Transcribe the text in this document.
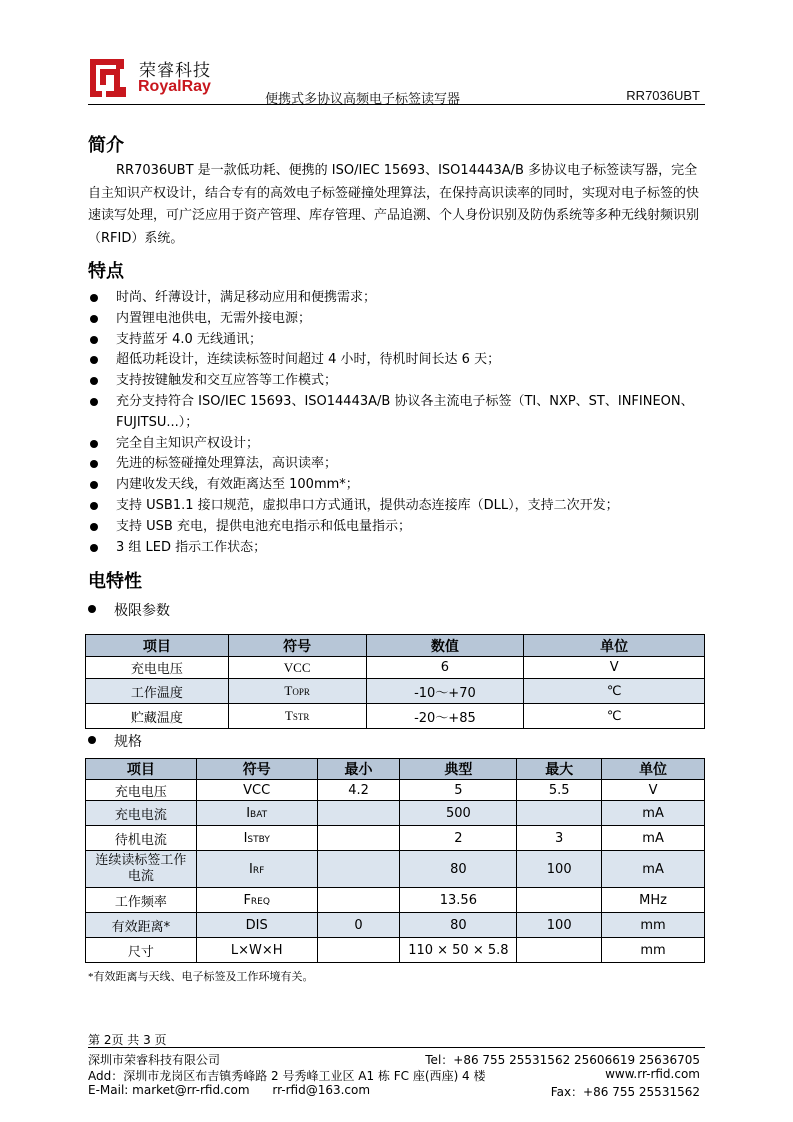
荣睿科技
RoyalRay
便携式多协议高频电子标签读写器	RR7036UBT
简介
RR7036UBT 是一款低功耗、便携的 ISO/IEC 15693、ISO14443A/B 多协议电子标签读写器，完全自主知识产权设计，结合专有的高效电子标签碰撞处理算法，在保持高识读率的同时，实现对电子标签的快速读写处理，可广泛应用于资产管理、库存管理、产品追溯、个人身份识别及防伪系统等多种无线射频识别（RFID）系统。
特点
时尚、纤薄设计，满足移动应用和便携需求；
内置锂电池供电，无需外接电源；
支持蓝牙 4.0 无线通讯；
超低功耗设计，连续读标签时间超过 4 小时，待机时间长达 6 天；
支持按键触发和交互应答等工作模式；
充分支持符合 ISO/IEC 15693、ISO14443A/B 协议各主流电子标签（TI、NXP、ST、INFINEON、FUJITSU...）；
完全自主知识产权设计；
先进的标签碰撞处理算法，高识读率；
内建收发天线，有效距离达至 100mm*；
支持 USB1.1 接口规范，虚拟串口方式通讯，提供动态连接库（DLL），支持二次开发；
支持 USB 充电，提供电池充电指示和低电量指示；
3 组 LED 指示工作状态；
电特性
极限参数
项目	符号	数值	单位
充电电压	VCC	6	V
工作温度	TOPR	-10～+70	℃
贮藏温度	TSTR	-20～+85	℃
规格
项目	符号	最小	典型	最大	单位
充电电压	VCC	4.2	5	5.5	V
充电电流	IBAT		500		mA
待机电流	ISTBY		2	3	mA
连续读标签工作电流	IRF		80	100	mA
工作频率	FREQ		13.56		MHz
有效距离*	DIS	0	80	100	mm
尺寸	L×W×H		110 × 50 × 5.8		mm
*有效距离与天线、电子标签及工作环境有关。
第 2页 共 3 页
深圳市荣睿科技有限公司	Tel：+86 755 25531562 25606619 25636705
Add：深圳市龙岗区布吉镇秀峰路 2 号秀峰工业区 A1 栋 FC 座(西座) 4 楼	www.rr-rfid.com
E-Mail: market@rr-rfid.com      rr-rfid@163.com	Fax：+86 755 25531562
